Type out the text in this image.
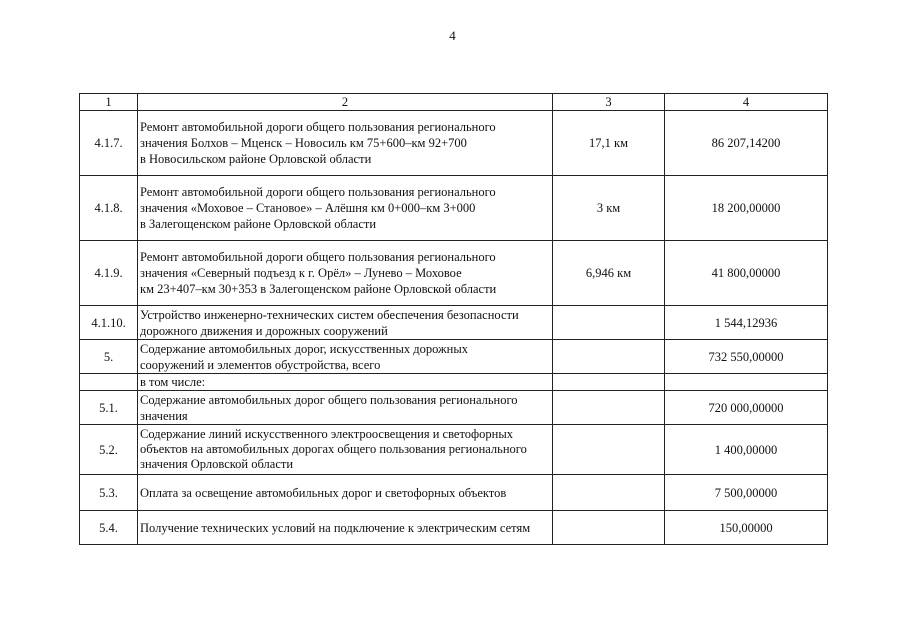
4
1	2	3	4
4.1.7.	Ремонт автомобильной дороги общего пользования регионального
значения Болхов – Мценск – Новосиль км 75+600–км 92+700
в Новосильском районе Орловской области	17,1 км	86 207,14200
4.1.8.	Ремонт автомобильной дороги общего пользования регионального
значения «Моховое – Становое» – Алёшня км 0+000–км 3+000
в Залегощенском районе Орловской области	3 км	18 200,00000
4.1.9.	Ремонт автомобильной дороги общего пользования регионального
значения «Северный подъезд к г. Орёл» – Лунево – Моховое
км 23+407–км 30+353 в Залегощенском районе Орловской области	6,946 км	41 800,00000
4.1.10.	Устройство инженерно-технических систем обеспечения безопасности
дорожного движения и дорожных сооружений		1 544,12936
5.	Содержание автомобильных дорог, искусственных дорожных
сооружений и элементов обустройства, всего		732 550,00000

	в том числе:		

5.1.	Содержание автомобильных дорог общего пользования регионального
значения		720 000,00000
5.2.	Содержание линий искусственного электроосвещения и светофорных
объектов на автомобильных дорогах общего пользования регионального
значения Орловской области		1 400,00000
5.3.	Оплата за освещение автомобильных дорог и светофорных объектов		7 500,00000
5.4.	Получение технических условий на подключение к электрическим сетям		150,00000
